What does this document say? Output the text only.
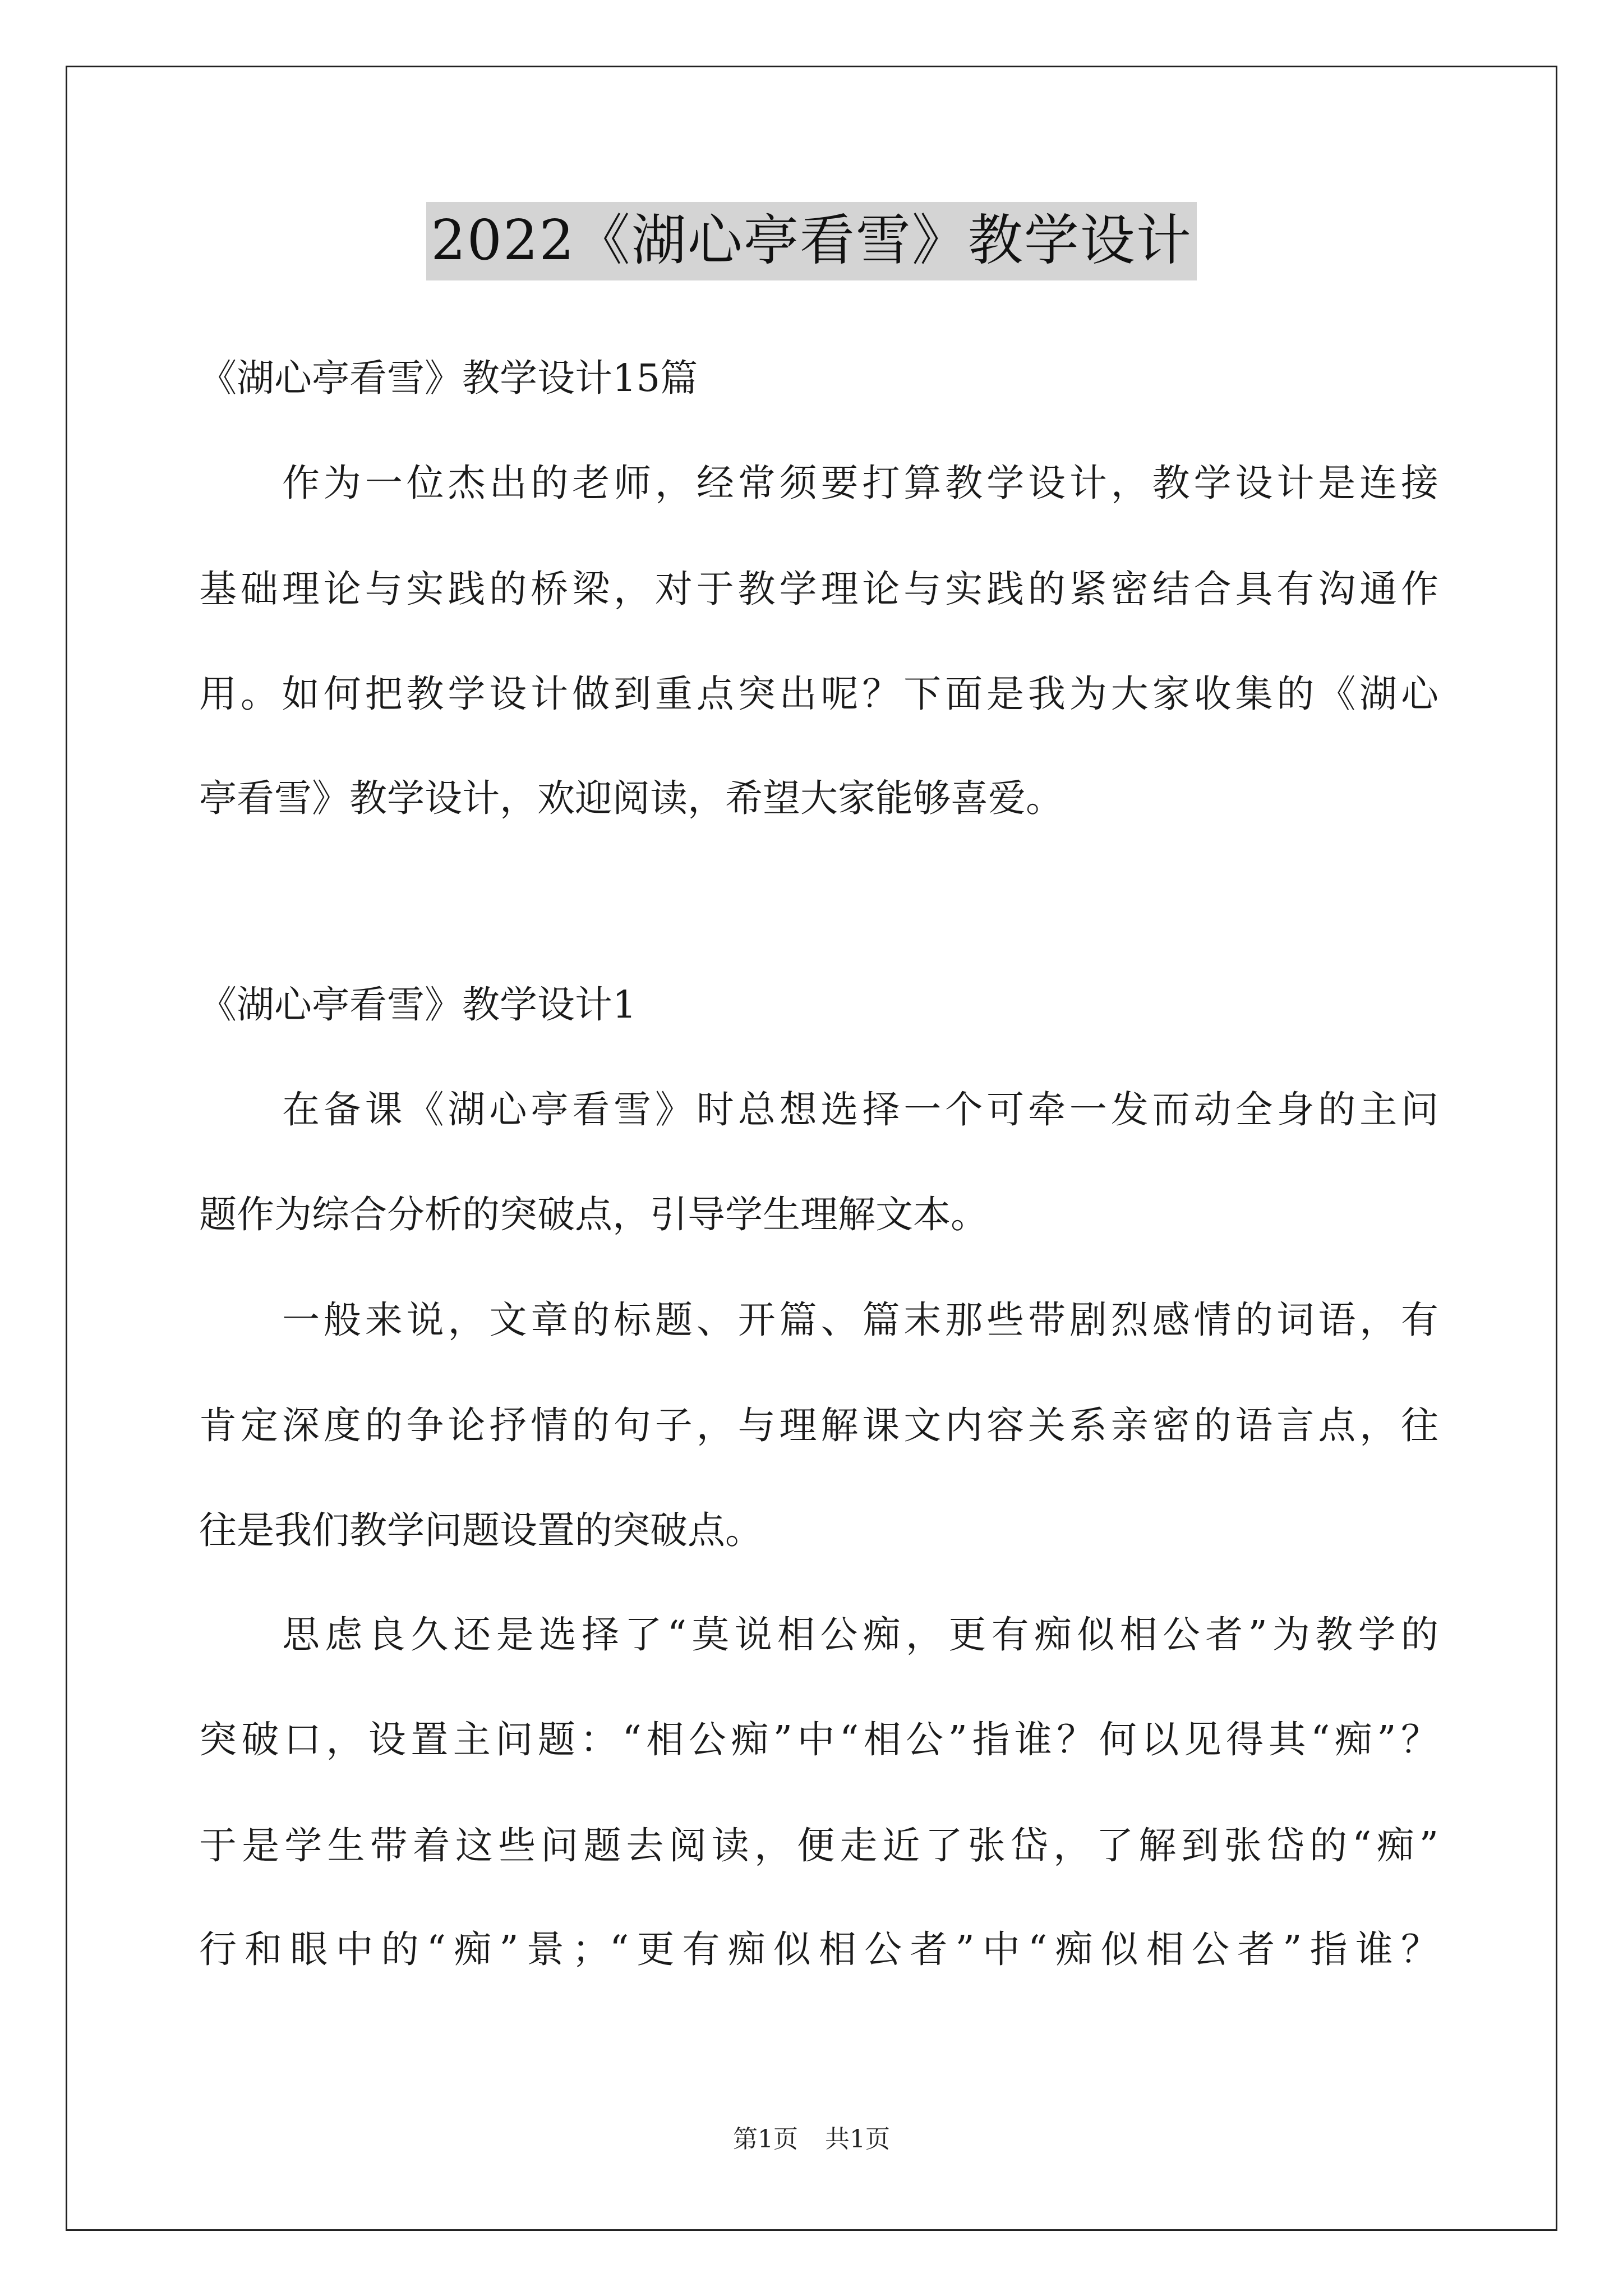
2022《湖心亭看雪》教学设计
《湖心亭看雪》教学设计15篇
作为一位杰出的老师，经常须要打算教学设计，教学设计是连接
基础理论与实践的桥梁，对于教学理论与实践的紧密结合具有沟通作
用。如何把教学设计做到重点突出呢？下面是我为大家收集的《湖心
亭看雪》教学设计，欢迎阅读，希望大家能够喜爱。
《湖心亭看雪》教学设计1
在备课《湖心亭看雪》时总想选择一个可牵一发而动全身的主问
题作为综合分析的突破点，引导学生理解文本。
一般来说，文章的标题、开篇、篇末那些带剧烈感情的词语，有
肯定深度的争论抒情的句子，与理解课文内容关系亲密的语言点，往
往是我们教学问题设置的突破点。
思虑良久还是选择了“莫说相公痴，更有痴似相公者”为教学的
突破口，设置主问题：“相公痴”中“相公”指谁？何以见得其“痴”？
于是学生带着这些问题去阅读，便走近了张岱，了解到张岱的“痴”
行和眼中的“痴”景；“更有痴似相公者”中“痴似相公者”指谁？
第1页 共1页
